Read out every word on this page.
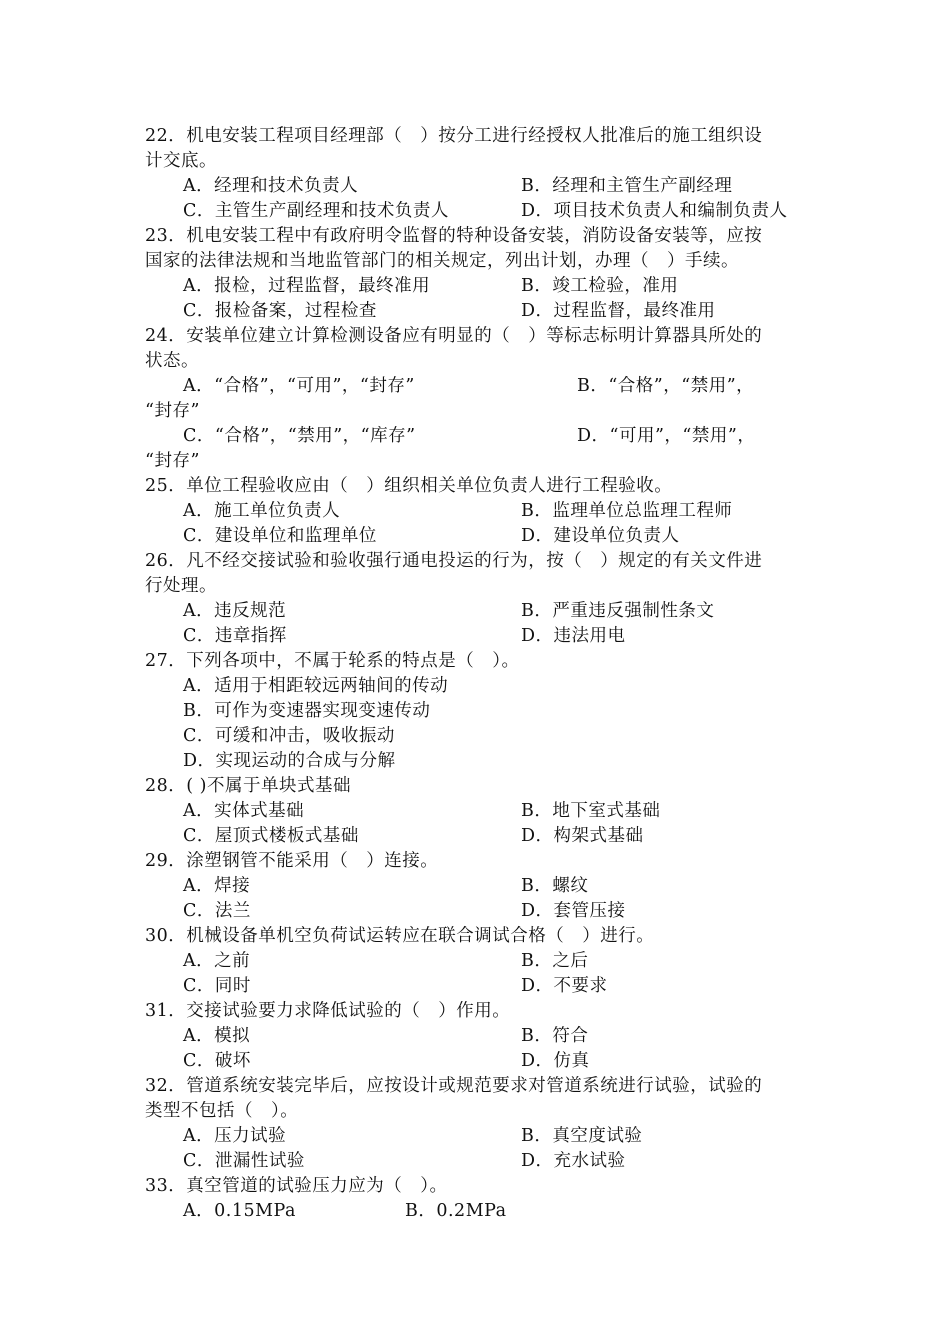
22．机电安装工程项目经理部（　）按分工进行经授权人批准后的施工组织设
计交底。
A．经理和技术负责人	B．经理和主管生产副经理
C．主管生产副经理和技术负责人	D．项目技术负责人和编制负责人
23．机电安装工程中有政府明令监督的特种设备安装，消防设备安装等，应按
国家的法律法规和当地监管部门的相关规定，列出计划，办理（　）手续。
A．报检，过程监督，最终准用	B．竣工检验，准用
C．报检备案，过程检查	D．过程监督，最终准用
24．安装单位建立计算检测设备应有明显的（　）等标志标明计算器具所处的
状态。
A．“合格”，“可用”，“封存”	B．“合格”，“禁用”，
“封存”
C．“合格”，“禁用”，“库存”	D．“可用”，“禁用”，
“封存”
25．单位工程验收应由（　）组织相关单位负责人进行工程验收。
A．施工单位负责人	B．监理单位总监理工程师
C．建设单位和监理单位	D．建设单位负责人
26．凡不经交接试验和验收强行通电投运的行为，按（　）规定的有关文件进
行处理。
A．违反规范	B．严重违反强制性条文
C．违章指挥	D．违法用电
27．下列各项中，不属于轮系的特点是（　）。
A．适用于相距较远两轴间的传动
B．可作为变速器实现变速传动
C．可缓和冲击，吸收振动
D．实现运动的合成与分解
28．( )不属于单块式基础
A．实体式基础	B．地下室式基础
C．屋顶式楼板式基础	D．构架式基础
29．涂塑钢管不能采用（　）连接。
A．焊接	B．螺纹
C．法兰	D．套管压接
30．机械设备单机空负荷试运转应在联合调试合格（　）进行。
A．之前	B．之后
C．同时	D．不要求
31．交接试验要力求降低试验的（　）作用。
A．模拟	B．符合
C．破坏	D．仿真
32．管道系统安装完毕后，应按设计或规范要求对管道系统进行试验，试验的
类型不包括（　）。
A．压力试验	B．真空度试验
C．泄漏性试验	D．充水试验
33．真空管道的试验压力应为（　）。
A．0.15MPa	B．0.2MPa
